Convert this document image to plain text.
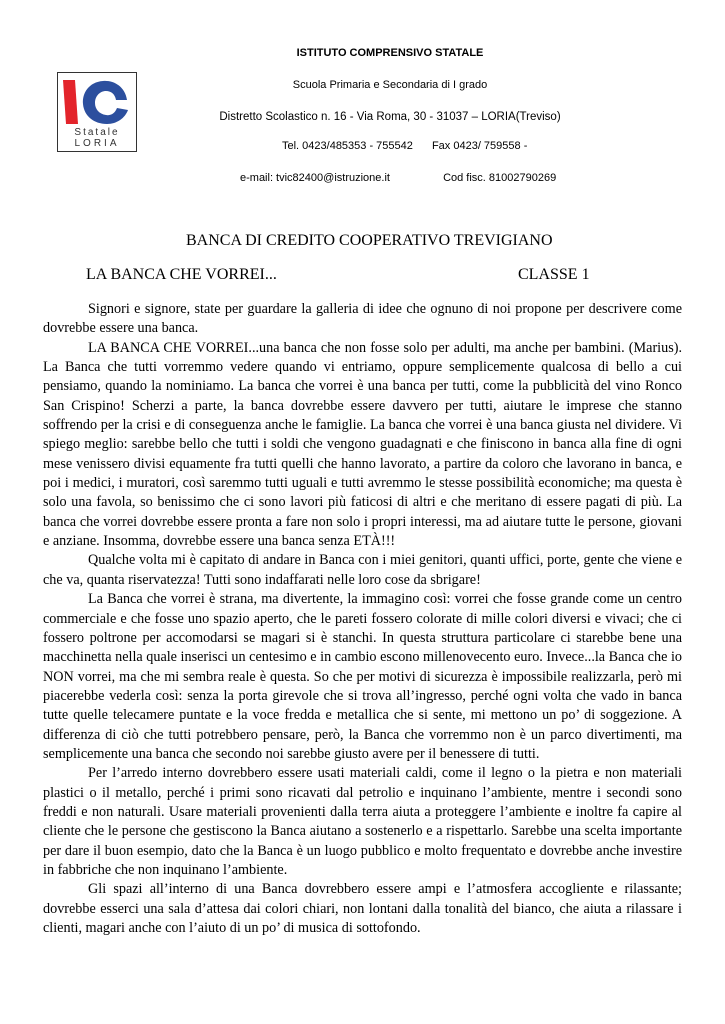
Statale
LORIA
ISTITUTO COMPRENSIVO STATALE
Scuola Primaria e Secondaria di I grado
Distretto Scolastico n. 16 - Via Roma, 30 - 31037 – LORIA(Treviso)
Tel. 0423/485353 - 755542 Fax 0423/ 759558 -
e-mail: tvic82400@istruzione.it	Cod fisc. 81002790269
BANCA DI CREDITO COOPERATIVO TREVIGIANO
LA BANCA CHE VORREI...	CLASSE 1

Signori e signore, state per guardare la galleria di idee che ognuno di noi propone per descrivere come dovrebbe essere una banca.

LA BANCA CHE VORREI...una banca che non fosse solo per adulti, ma anche per bambini. (Marius). La Banca che tutti vorremmo vedere quando vi entriamo, oppure semplicemente qualcosa di bello a cui pensiamo, quando la nominiamo. La banca che vorrei è una banca per tutti, come la pubblicità del vino Ronco San Crispino! Scherzi a parte, la banca dovrebbe essere davvero per tutti, aiutare le imprese che stanno soffrendo per la crisi e di conseguenza anche le famiglie. La banca che vorrei è una banca giusta nel dividere. Vi spiego meglio: sarebbe bello che tutti i soldi che vengono guadagnati e che finiscono in banca alla fine di ogni mese venissero divisi equamente fra tutti quelli che hanno lavorato, a partire da coloro che lavorano in banca, e poi i medici, i muratori, così saremmo tutti uguali e tutti avremmo le stesse possibilità economiche; ma questa è solo una favola, so benissimo che ci sono lavori più faticosi di altri e che meritano di essere pagati di più. La banca che vorrei dovrebbe essere pronta a fare non solo i propri interessi, ma ad aiutare tutte le persone, giovani e anziane. Insomma, dovrebbe essere una banca senza ETÀ!!!

Qualche volta mi è capitato di andare in Banca con i miei genitori, quanti uffici, porte, gente che viene e che va, quanta riservatezza! Tutti sono indaffarati nelle loro cose da sbrigare!

La Banca che vorrei è strana, ma divertente, la immagino così: vorrei che fosse grande come un centro commerciale e che fosse uno spazio aperto, che le pareti fossero colorate di mille colori diversi e vivaci; che ci fossero poltrone per accomodarsi se magari si è stanchi. In questa struttura particolare ci starebbe bene una macchinetta nella quale inserisci un centesimo e in cambio escono millenovecento euro. Invece...la Banca che io NON vorrei, ma che mi sembra reale è questa. So che per motivi di sicurezza è impossibile realizzarla, però mi piacerebbe vederla così: senza la porta girevole che si trova all’ingresso, perché ogni volta che vado in banca tutte quelle telecamere puntate e la voce fredda e metallica che si sente, mi mettono un po’ di soggezione. A differenza di ciò che tutti potrebbero pensare, però, la Banca che vorremmo non è un parco divertimenti, ma semplicemente una banca che secondo noi sarebbe giusto avere per il benessere di tutti.

Per l’arredo interno dovrebbero essere usati materiali caldi, come il legno o la pietra e non materiali plastici o il metallo, perché i primi sono ricavati dal petrolio e inquinano l’ambiente, mentre i secondi sono freddi e non naturali. Usare materiali provenienti dalla terra aiuta a proteggere l’ambiente e inoltre fa capire al cliente che le persone che gestiscono la Banca aiutano a sostenerlo e a rispettarlo. Sarebbe una scelta importante per dare il buon esempio, dato che la Banca è un luogo pubblico e molto frequentato e dovrebbe anche investire in fabbriche che non inquinano l’ambiente.

Gli spazi all’interno di una Banca dovrebbero essere ampi e l’atmosfera accogliente e rilassante; dovrebbe esserci una sala d’attesa dai colori chiari, non lontani dalla tonalità del bianco, che aiuta a rilassare i clienti, magari anche con l’aiuto di un po’ di musica di sottofondo.
